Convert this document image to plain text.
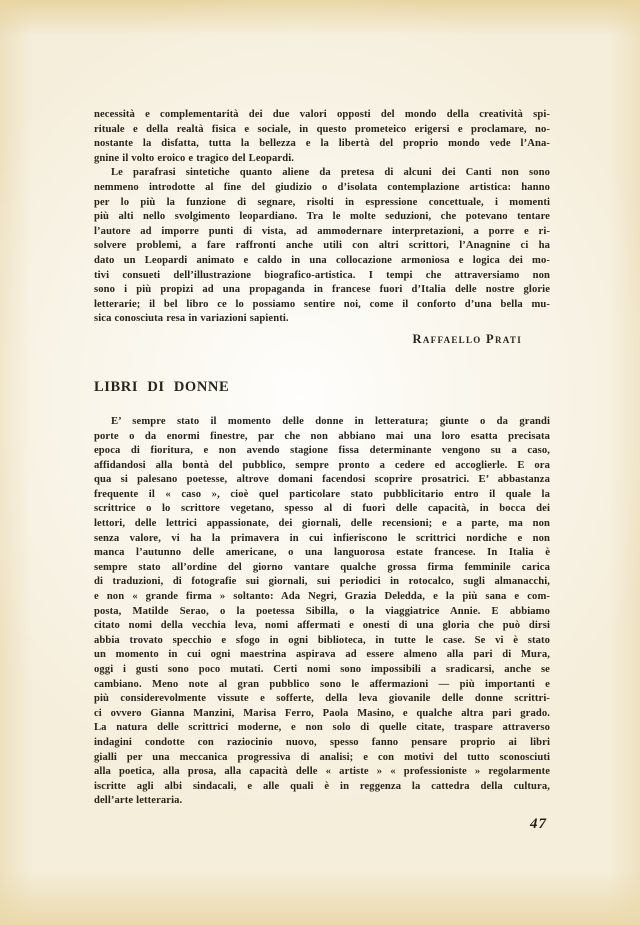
necessità e complementarità dei due valori opposti del mondo della creatività spi-
rituale e della realtà fisica e sociale, in questo prometeico erigersi e proclamare, no-
nostante la disfatta, tutta la bellezza e la libertà del proprio mondo vede l’Ana-
gnine il volto eroico e tragico del Leopardi.
Le parafrasi sintetiche quanto aliene da pretesa di alcuni dei Canti non sono
nemmeno introdotte al fine del giudizio o d’isolata contemplazione artistica: hanno
per lo più la funzione di segnare, risolti in espressione concettuale, i momenti
più alti nello svolgimento leopardiano. Tra le molte seduzioni, che potevano tentare
l’autore ad imporre punti di vista, ad ammodernare interpretazioni, a porre e ri-
solvere problemi, a fare raffronti anche utili con altri scrittori, l’Anagnine ci ha
dato un Leopardi animato e caldo in una collocazione armoniosa e logica dei mo-
tivi consueti dell’illustrazione biografico-artistica. I tempi che attraversiamo non
sono i più propizi ad una propaganda in francese fuori d’Italia delle nostre glorie
letterarie; il bel libro ce lo possiamo sentire noi, come il conforto d’una bella mu-
sica conosciuta resa in variazioni sapienti.
Raffaello Prati
LIBRI DI DONNE
E’ sempre stato il momento delle donne in letteratura; giunte o da grandi
porte o da enormi finestre, par che non abbiano mai una loro esatta precisata
epoca di fioritura, e non avendo stagione fissa determinante vengono su a caso,
affidandosi alla bontà del pubblico, sempre pronto a cedere ed accoglierle. E ora
qua si palesano poetesse, altrove domani facendosi scoprire prosatrici. E’ abbastanza
frequente il « caso », cioè quel particolare stato pubblicitario entro il quale la
scrittrice o lo scrittore vegetano, spesso al di fuori delle capacità, in bocca dei
lettori, delle lettrici appassionate, dei giornali, delle recensioni; e a parte, ma non
senza valore, vi ha la primavera in cui infieriscono le scrittrici nordiche e non
manca l’autunno delle americane, o una languorosa estate francese. In Italia è
sempre stato all’ordine del giorno vantare qualche grossa firma femminile carica
di traduzioni, di fotografie sui giornali, sui periodici in rotocalco, sugli almanacchi,
e non « grande firma » soltanto: Ada Negri, Grazia Deledda, e la più sana e com-
posta, Matilde Serao, o la poetessa Sibilla, o la viaggiatrice Annie. E abbiamo
citato nomi della vecchia leva, nomi affermati e onesti di una gloria che può dirsi
abbia trovato specchio e sfogo in ogni biblioteca, in tutte le case. Se vi è stato
un momento in cui ogni maestrina aspirava ad essere almeno alla pari di Mura,
oggi i gusti sono poco mutati. Certi nomi sono impossibili a sradicarsi, anche se
cambiano. Meno note al gran pubblico sono le affermazioni — più importanti e
più considerevolmente vissute e sofferte, della leva giovanile delle donne scrittri-
ci ovvero Gianna Manzini, Marisa Ferro, Paola Masino, e qualche altra pari grado.
La natura delle scrittrici moderne, e non solo di quelle citate, traspare attraverso
indagini condotte con raziocinio nuovo, spesso fanno pensare proprio ai libri
gialli per una meccanica progressiva di analisi; e con motivi del tutto sconosciuti
alla poetica, alla prosa, alla capacità delle « artiste » « professioniste » regolarmente
iscritte agli albi sindacali, e alle quali è in reggenza la cattedra della cultura,
dell’arte letteraria.
47
